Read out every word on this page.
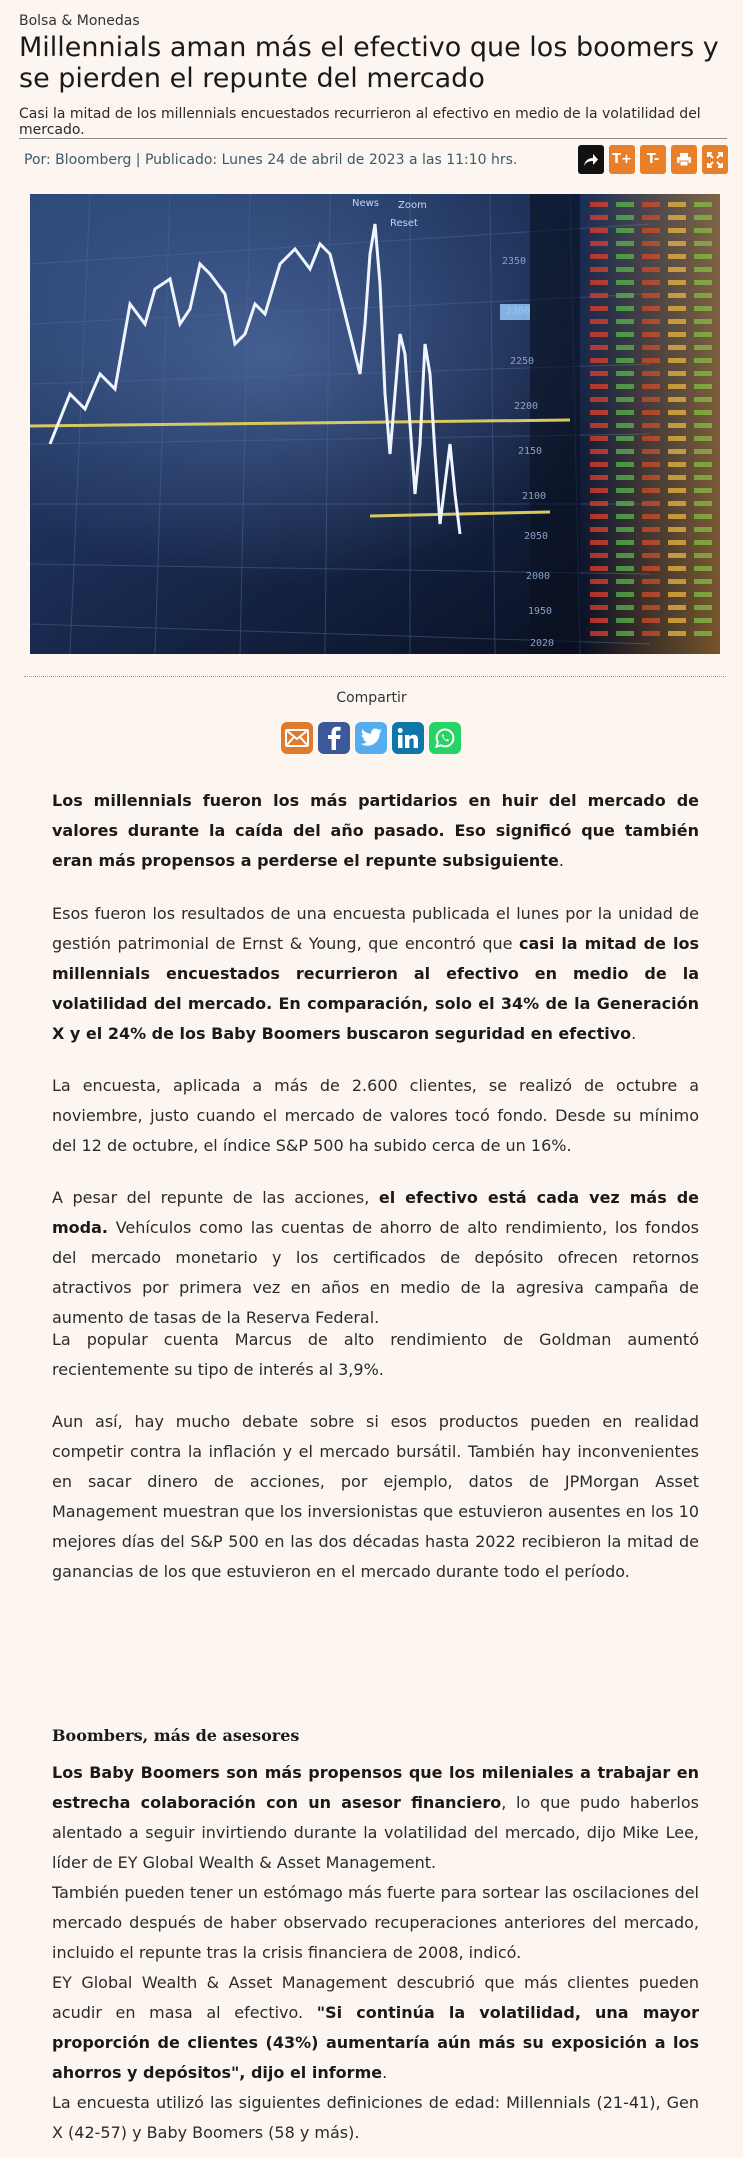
Bolsa & Monedas
Millennials aman más el efectivo que los boomers y se pierden el repunte del mercado
Casi la mitad de los millennials encuestados recurrieron al efectivo en medio de la volatilidad del mercado.
Por: Bloomberg | Publicado: Lunes 24 de abril de 2023 a las 11:10 hrs.	T+	T-
Compartir

Los millennials fueron los más partidarios en huir del mercado de valores durante la caída del año pasado. Eso significó que también eran más propensos a perderse el repunte subsiguiente.

Esos fueron los resultados de una encuesta publicada el lunes por la unidad de gestión patrimonial de Ernst & Young, que encontró que casi la mitad de los millennials encuestados recurrieron al efectivo en medio de la volatilidad del mercado. En comparación, solo el 34% de la Generación X y el 24% de los Baby Boomers buscaron seguridad en efectivo.

La encuesta, aplicada a más de 2.600 clientes, se realizó de octubre a noviembre, justo cuando el mercado de valores tocó fondo. Desde su mínimo del 12 de octubre, el índice S&P 500 ha subido cerca de un 16%.

A pesar del repunte de las acciones, el efectivo está cada vez más de moda. Vehículos como las cuentas de ahorro de alto rendimiento, los fondos del mercado monetario y los certificados de depósito ofrecen retornos atractivos por primera vez en años en medio de la agresiva campaña de aumento de tasas de la Reserva Federal.

La popular cuenta Marcus de alto rendimiento de Goldman aumentó recientemente su tipo de interés al 3,9%.

Aun así, hay mucho debate sobre si esos productos pueden en realidad competir contra la inflación y el mercado bursátil. También hay inconvenientes en sacar dinero de acciones, por ejemplo, datos de JPMorgan Asset Management muestran que los inversionistas que estuvieron ausentes en los 10 mejores días del S&P 500 en las dos décadas hasta 2022 recibieron la mitad de ganancias de los que estuvieron en el mercado durante todo el período.

Boombers, más de asesores

Los Baby Boomers son más propensos que los mileniales a trabajar en estrecha colaboración con un asesor financiero, lo que pudo haberlos alentado a seguir invirtiendo durante la volatilidad del mercado, dijo Mike Lee, líder de EY Global Wealth & Asset Management.

También pueden tener un estómago más fuerte para sortear las oscilaciones del mercado después de haber observado recuperaciones anteriores del mercado, incluido el repunte tras la crisis financiera de 2008, indicó.

EY Global Wealth & Asset Management descubrió que más clientes pueden acudir en masa al efectivo. "Si continúa la volatilidad, una mayor proporción de clientes (43%) aumentaría aún más su exposición a los ahorros y depósitos", dijo el informe.

La encuesta utilizó las siguientes definiciones de edad: Millennials (21-41), Gen X (42-57) y Baby Boomers (58 y más).
